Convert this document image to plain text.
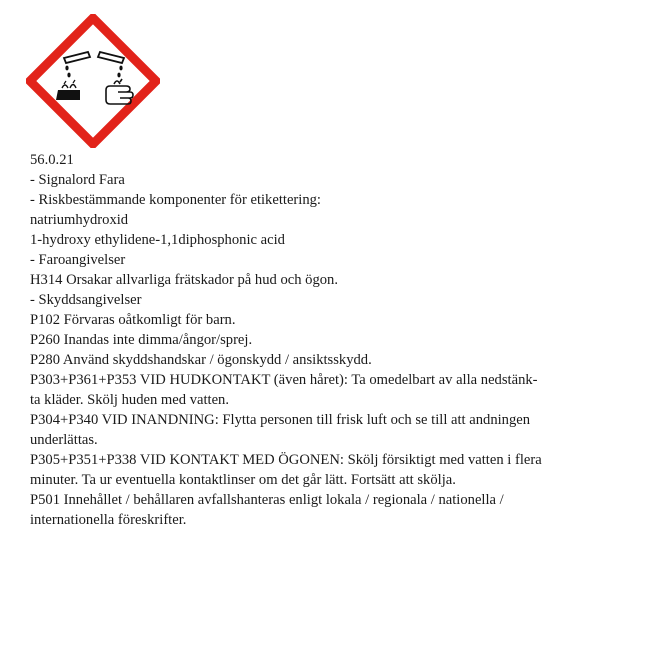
56.0.21
- Signalord Fara
- Riskbestämmande komponenter för etikettering:
natriumhydroxid
1-hydroxy ethylidene-1,1diphosphonic acid
- Faroangivelser
H314 Orsakar allvarliga frätskador på hud och ögon.
- Skyddsangivelser
P102 Förvaras oåtkomligt för barn.
P260 Inandas inte dimma/ångor/sprej.
P280 Använd skyddshandskar / ögonskydd / ansiktsskydd.
P303+P361+P353 VID HUDKONTAKT (även håret): Ta omedelbart av alla nedstänk-
ta kläder. Skölj huden med vatten.
P304+P340 VID INANDNING: Flytta personen till frisk luft och se till att andningen
underlättas.
P305+P351+P338 VID KONTAKT MED ÖGONEN: Skölj försiktigt med vatten i flera
minuter. Ta ur eventuella kontaktlinser om det går lätt. Fortsätt att skölja.
P501 Innehållet / behållaren avfallshanteras enligt lokala / regionala / nationella /
internationella föreskrifter.
